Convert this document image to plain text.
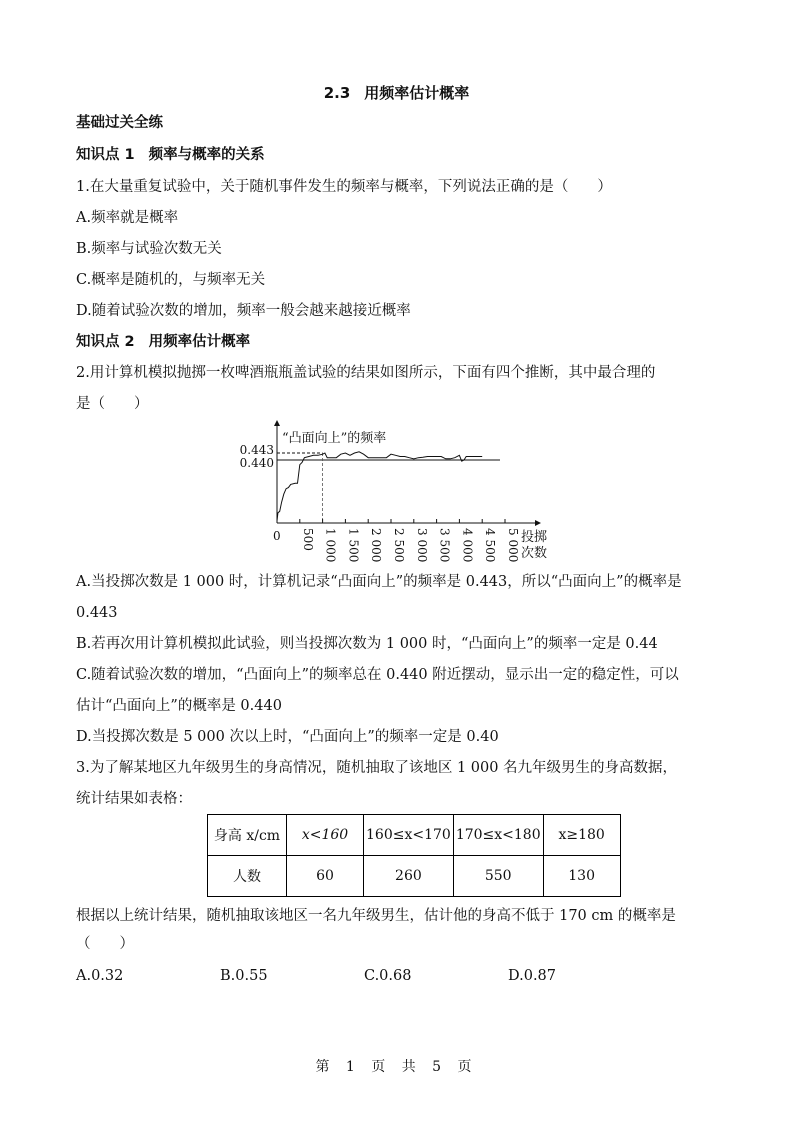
2.3 用频率估计概率
基础过关全练
知识点 1 频率与概率的关系
1.在大量重复试验中，关于随机事件发生的频率与概率，下列说法正确的是（　　）
A.频率就是概率
B.频率与试验次数无关
C.概率是随机的，与频率无关
D.随着试验次数的增加，频率一般会越来越接近概率
知识点 2 用频率估计概率
2.用计算机模拟抛掷一枚啤酒瓶瓶盖试验的结果如图所示，下面有四个推断，其中最合理的
是（　　）
“凸面向上”的频率
0.443
0.440
500 1 000 1 500 2 000 2 500 3 000 3 500 4 000 4 500 5 000
0	投掷
次数
A.当投掷次数是 1 000 时，计算机记录“凸面向上”的频率是 0.443，所以“凸面向上”的概率是
0.443
B.若再次用计算机模拟此试验，则当投掷次数为 1 000 时，“凸面向上”的频率一定是 0.44
C.随着试验次数的增加，“凸面向上”的频率总在 0.440 附近摆动，显示出一定的稳定性，可以
估计“凸面向上”的概率是 0.440
D.当投掷次数是 5 000 次以上时，“凸面向上”的频率一定是 0.40
3.为了解某地区九年级男生的身高情况，随机抽取了该地区 1 000 名九年级男生的身高数据，
统计结果如表格：
身高 x/cm	x<160	160≤x<170	170≤x<180	x≥180
人数	60	260	550	130
根据以上统计结果，随机抽取该地区一名九年级男生，估计他的身高不低于 170 cm 的概率是
（　　）
A.0.32	B.0.55	C.0.68	D.0.87
第 1 页 共 5 页
